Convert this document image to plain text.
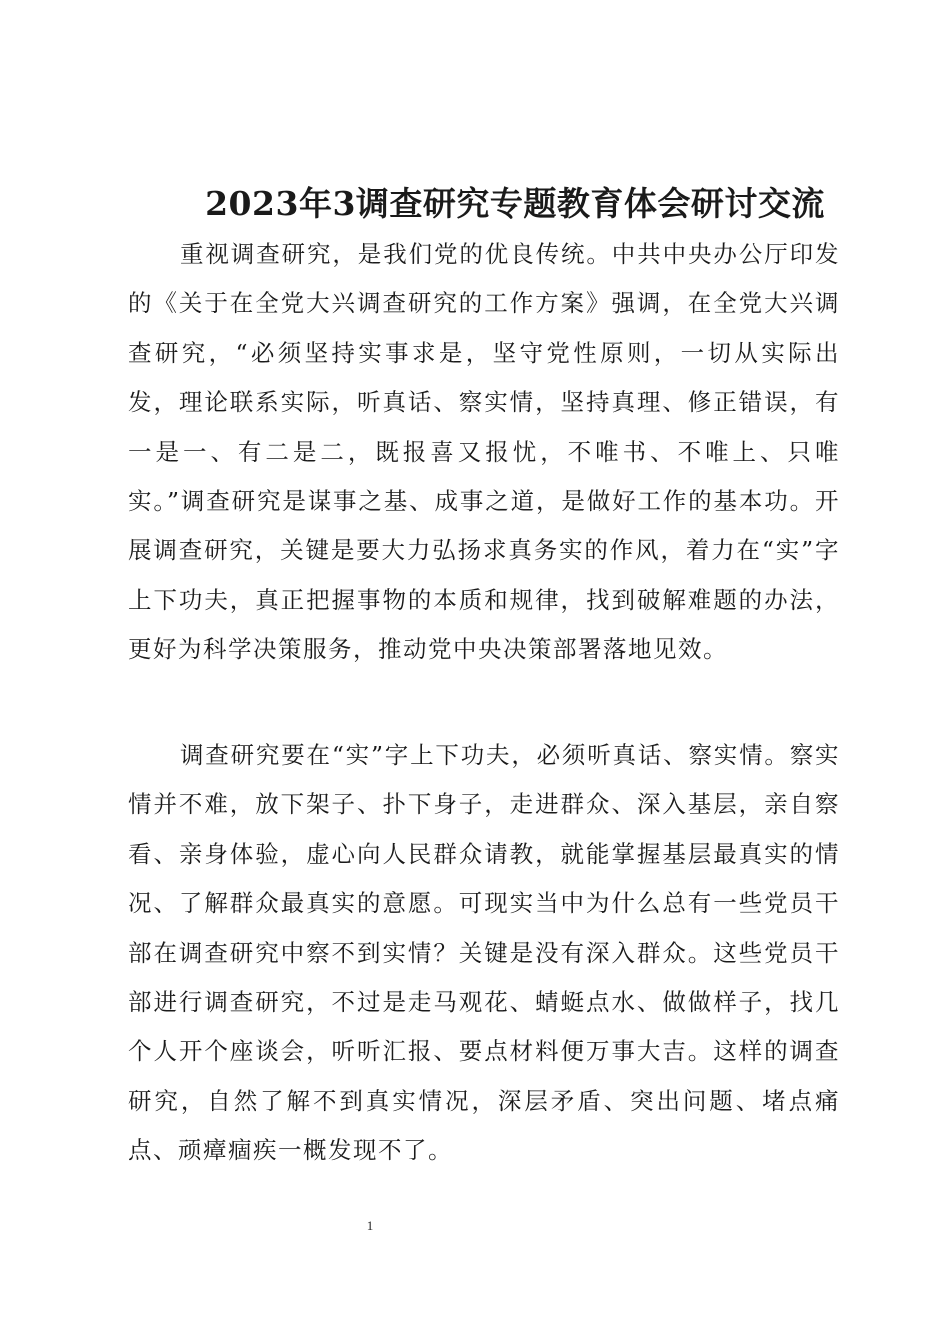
2023年3调查研究专题教育体会研讨交流

重视调查研究，是我们党的优良传统。中共中央办公厅印发的《关于在全党大兴调查研究的工作方案》强调，在全党大兴调查研究，“必须坚持实事求是，坚守党性原则，一切从实际出发，理论联系实际，听真话、察实情，坚持真理、修正错误，有一是一、有二是二，既报喜又报忧，不唯书、不唯上、只唯实。”调查研究是谋事之基、成事之道，是做好工作的基本功。开展调查研究，关键是要大力弘扬求真务实的作风，着力在“实”字上下功夫，真正把握事物的本质和规律，找到破解难题的办法，更好为科学决策服务，推动党中央决策部署落地见效。

调查研究要在“实”字上下功夫，必须听真话、察实情。察实情并不难，放下架子、扑下身子，走进群众、深入基层，亲自察看、亲身体验，虚心向人民群众请教，就能掌握基层最真实的情况、了解群众最真实的意愿。可现实当中为什么总有一些党员干部在调查研究中察不到实情？关键是没有深入群众。这些党员干部进行调查研究，不过是走马观花、蜻蜓点水、做做样子，找几个人开个座谈会，听听汇报、要点材料便万事大吉。这样的调查研究，自然了解不到真实情况，深层矛盾、突出问题、堵点痛点、顽瘴痼疾一概发现不了。

1
